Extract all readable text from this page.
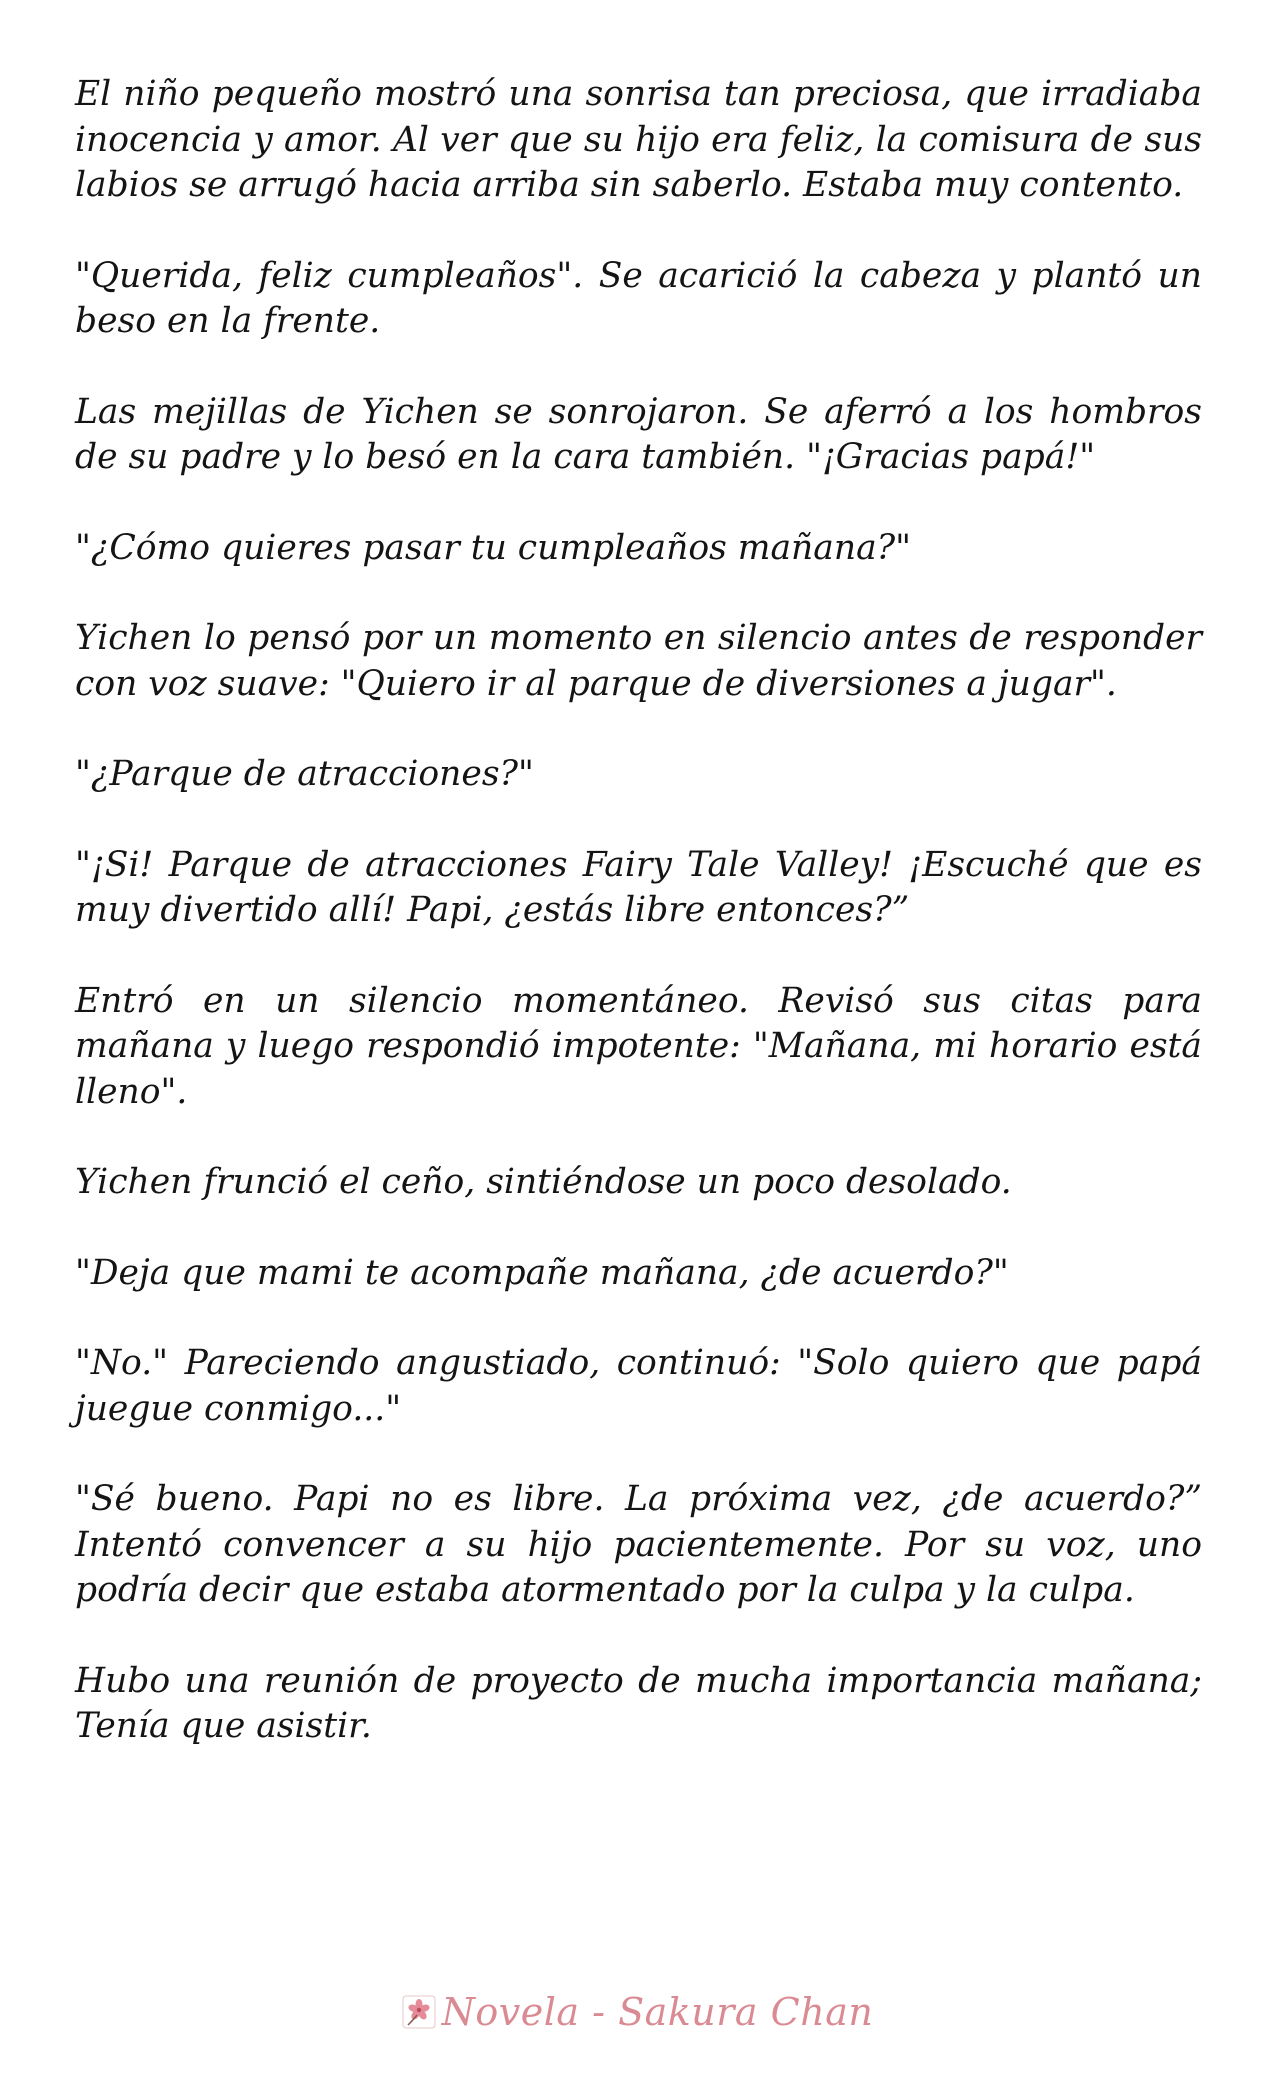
El niño pequeño mostró una sonrisa tan preciosa, que irradiaba inocencia y amor. Al ver que su hijo era feliz, la comisura de sus labios se arrugó hacia arriba sin saberlo. Estaba muy contento.

"Querida, feliz cumpleaños". Se acarició la cabeza y plantó un beso en la frente.

Las mejillas de Yichen se sonrojaron. Se aferró a los hombros de su padre y lo besó en la cara también. "¡Gracias papá!"

"¿Cómo quieres pasar tu cumpleaños mañana?"

Yichen lo pensó por un momento en silencio antes de responder con voz suave: "Quiero ir al parque de diversiones a jugar".

"¿Parque de atracciones?"

"¡Si! Parque de atracciones Fairy Tale Valley! ¡Escuché que es muy divertido allí! Papi, ¿estás libre entonces?”

Entró en un silencio momentáneo. Revisó sus citas para mañana y luego respondió impotente: "Mañana, mi horario está lleno".

Yichen frunció el ceño, sintiéndose un poco desolado.

"Deja que mami te acompañe mañana, ¿de acuerdo?"

"No." Pareciendo angustiado, continuó: "Solo quiero que papá juegue conmigo..."

"Sé bueno. Papi no es libre. La próxima vez, ¿de acuerdo?” Intentó convencer a su hijo pacientemente. Por su voz, uno podría decir que estaba atormentado por la culpa y la culpa.

Hubo una reunión de proyecto de mucha importancia mañana; Tenía que asistir.

Novela - Sakura Chan
